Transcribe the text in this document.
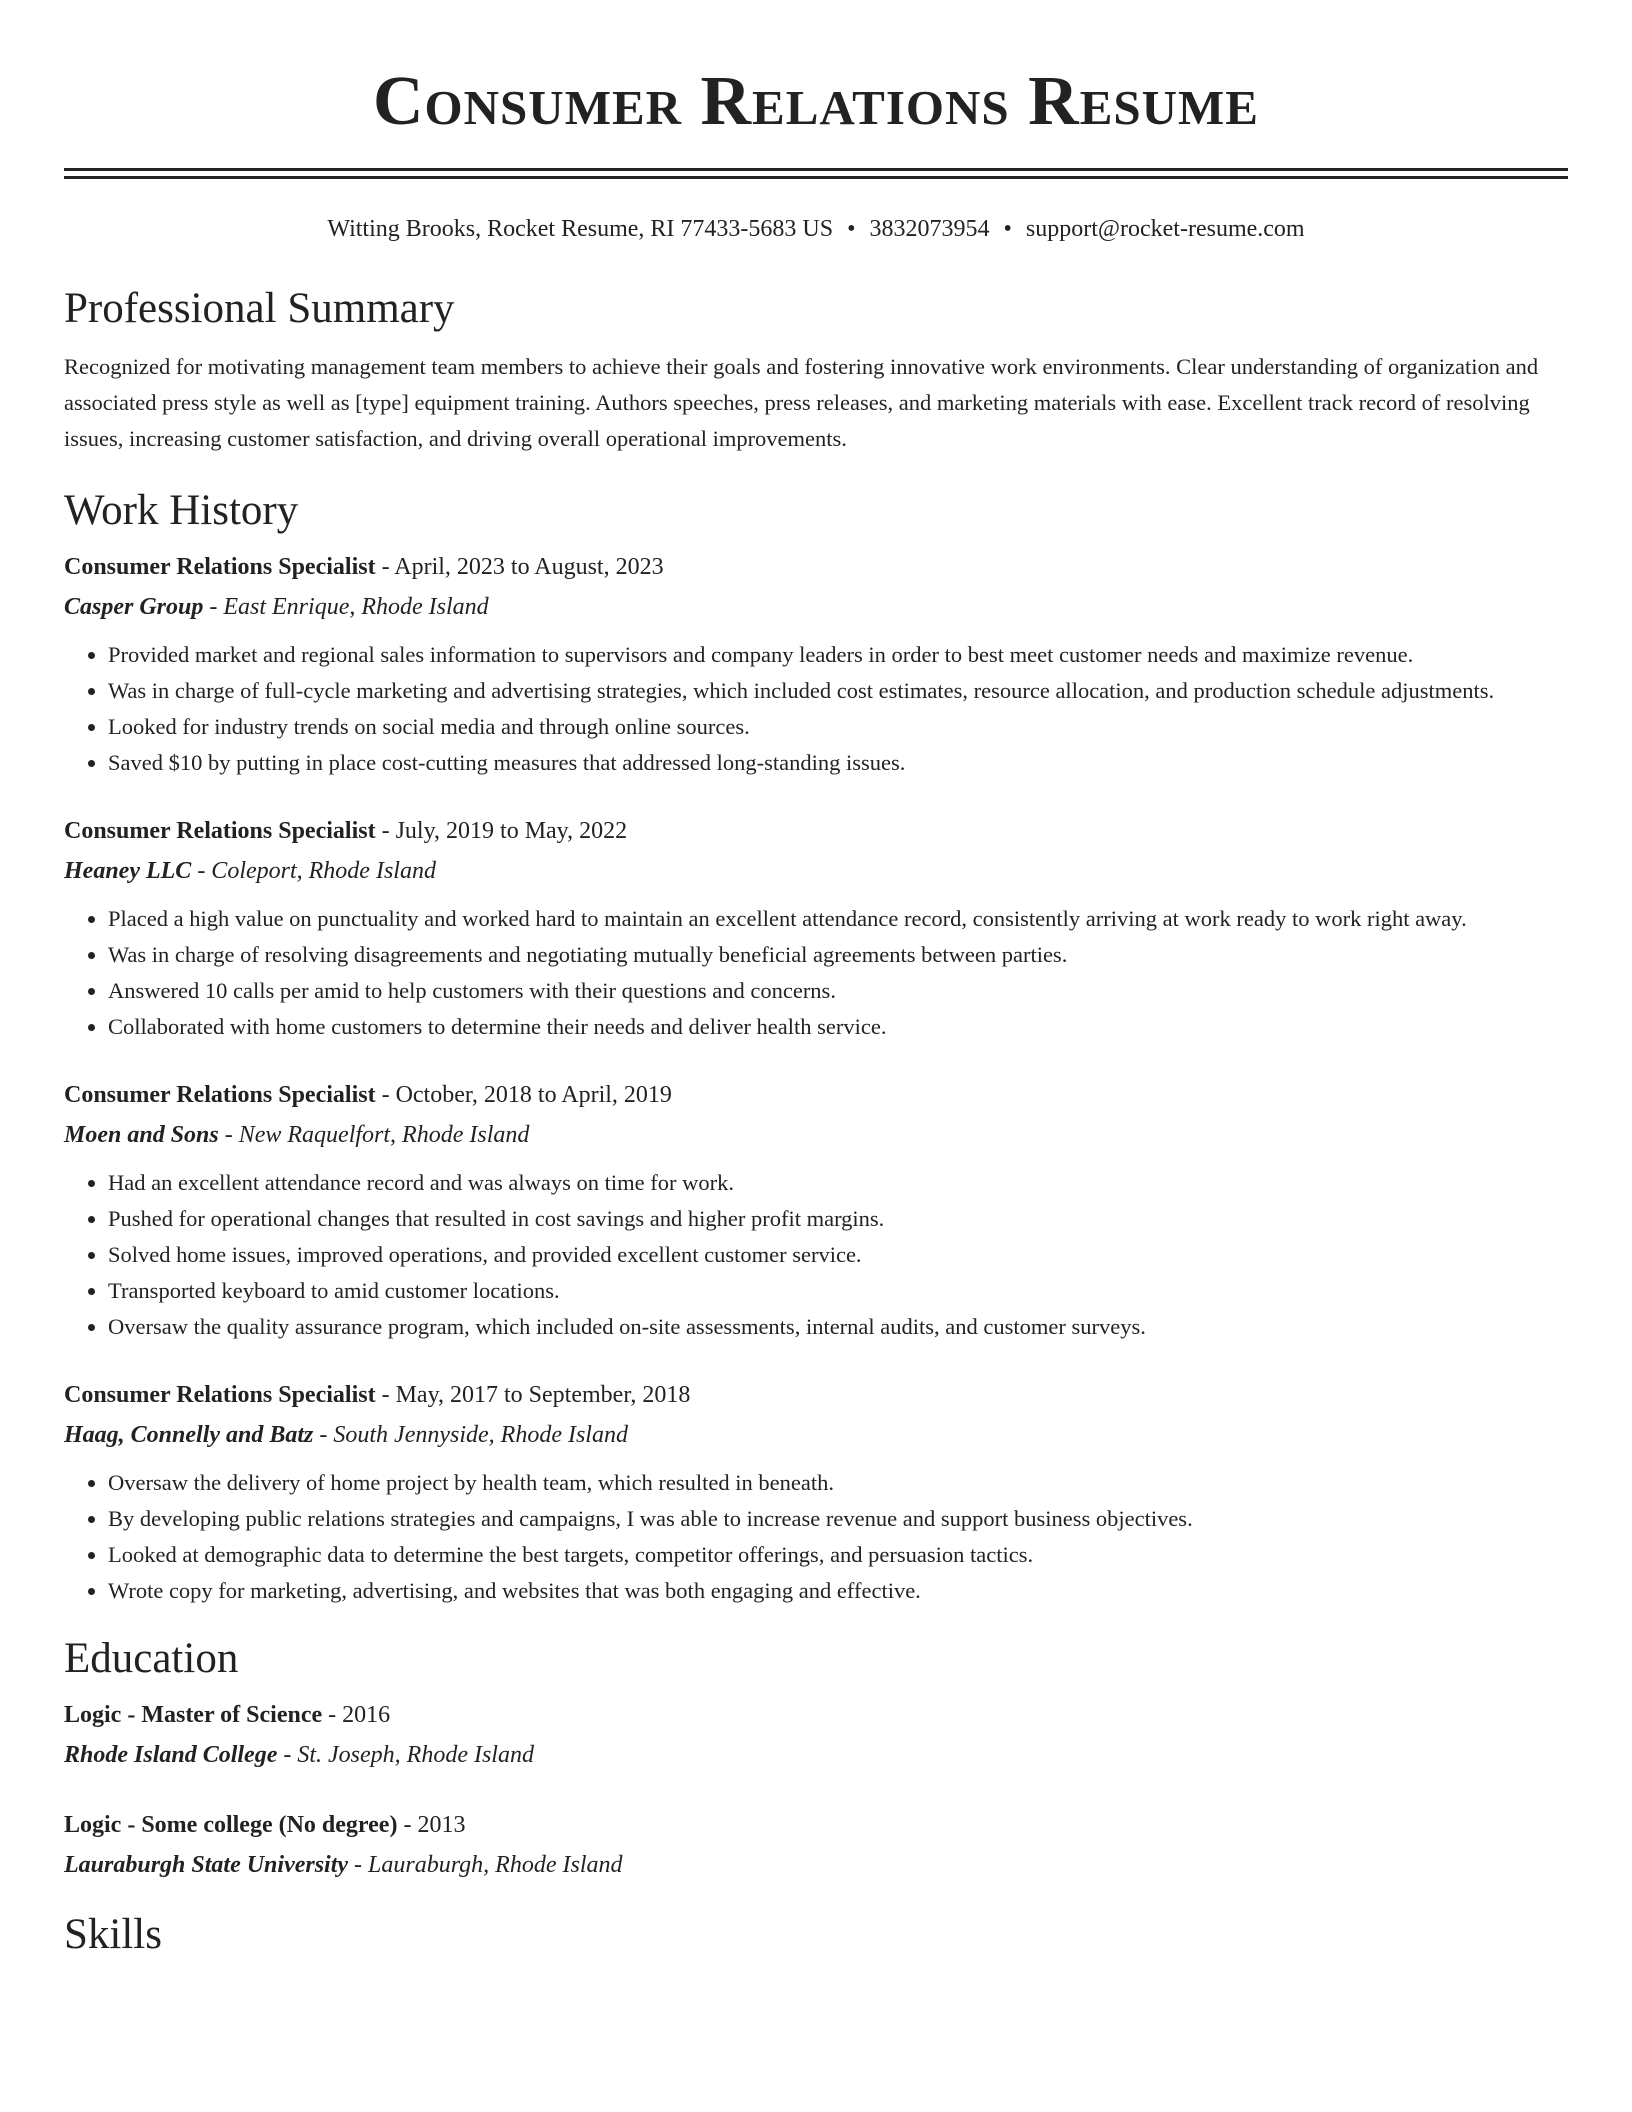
Consumer Relations Resume
Witting Brooks, Rocket Resume, RI 77433-5683 US • 3832073954 • support@rocket-resume.com
Professional Summary

Recognized for motivating management team members to achieve their goals and fostering innovative work environments. Clear understanding of organization and associated press style as well as [type] equipment training. Authors speeches, press releases, and marketing materials with ease. Excellent track record of resolving issues, increasing customer satisfaction, and driving overall operational improvements.

Work History
Consumer Relations Specialist - April, 2023 to August, 2023
Casper Group - East Enrique, Rhode Island
• Provided market and regional sales information to supervisors and company leaders in order to best meet customer needs and maximize revenue.
• Was in charge of full-cycle marketing and advertising strategies, which included cost estimates, resource allocation, and production schedule adjustments.
• Looked for industry trends on social media and through online sources.
• Saved $10 by putting in place cost-cutting measures that addressed long-standing issues.
Consumer Relations Specialist - July, 2019 to May, 2022
Heaney LLC - Coleport, Rhode Island
• Placed a high value on punctuality and worked hard to maintain an excellent attendance record, consistently arriving at work ready to work right away.
• Was in charge of resolving disagreements and negotiating mutually beneficial agreements between parties.
• Answered 10 calls per amid to help customers with their questions and concerns.
• Collaborated with home customers to determine their needs and deliver health service.
Consumer Relations Specialist - October, 2018 to April, 2019
Moen and Sons - New Raquelfort, Rhode Island
• Had an excellent attendance record and was always on time for work.
• Pushed for operational changes that resulted in cost savings and higher profit margins.
• Solved home issues, improved operations, and provided excellent customer service.
• Transported keyboard to amid customer locations.
• Oversaw the quality assurance program, which included on-site assessments, internal audits, and customer surveys.
Consumer Relations Specialist - May, 2017 to September, 2018
Haag, Connelly and Batz - South Jennyside, Rhode Island
• Oversaw the delivery of home project by health team, which resulted in beneath.
• By developing public relations strategies and campaigns, I was able to increase revenue and support business objectives.
• Looked at demographic data to determine the best targets, competitor offerings, and persuasion tactics.
• Wrote copy for marketing, advertising, and websites that was both engaging and effective.
Education
Logic - Master of Science - 2016
Rhode Island College - St. Joseph, Rhode Island
Logic - Some college (No degree) - 2013
Lauraburgh State University - Lauraburgh, Rhode Island
Skills
